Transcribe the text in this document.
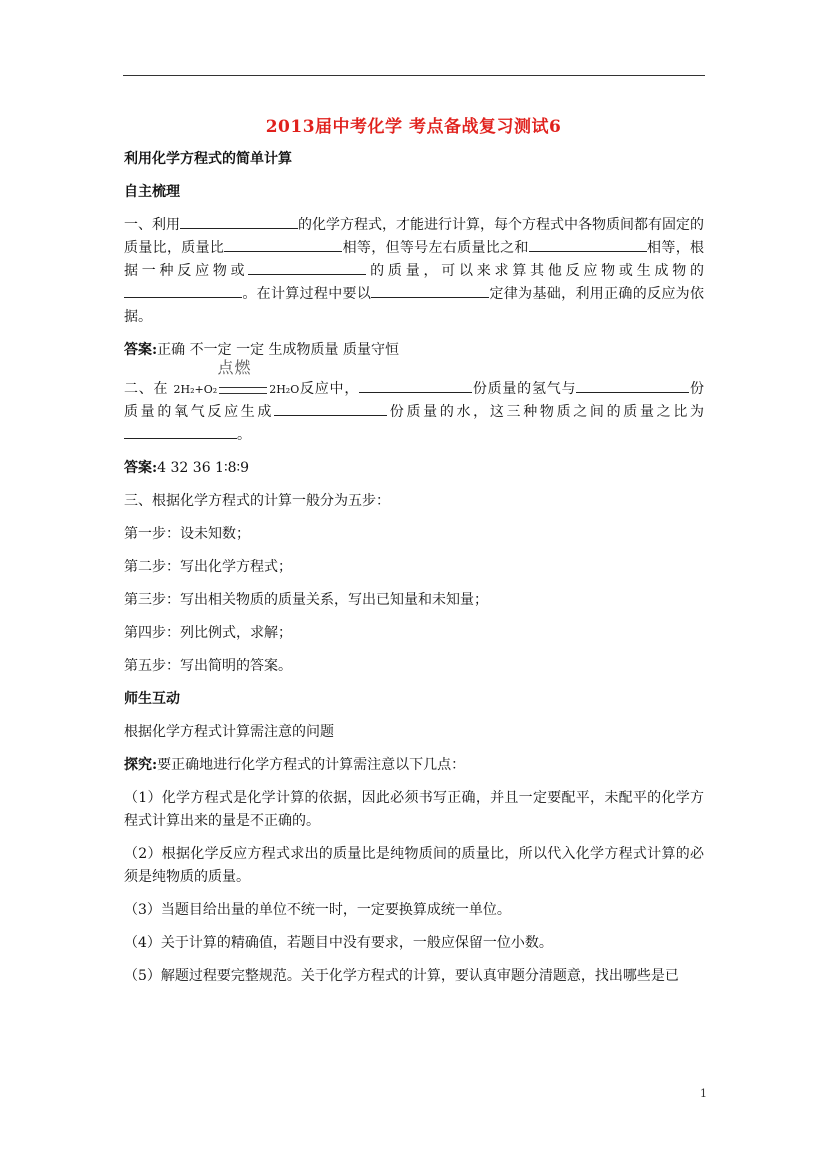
2013届中考化学 考点备战复习测试6
利用化学方程式的简单计算
自主梳理

一、利用	的化学方程式，才能进行计算，每个方程式中各物质间都有固定的质量比，质量比	相等，但等号左右质量比之和	相等，根据一种反应物或	的质量，可以来求算其他反应物或生成物的。在计算过程中要以	定律为基础，利用正确的反应为依据。

答案:正确 不一定 一定 生成物质量 质量守恒

二、在 2H₂+O₂
点燃
2H₂O反应中，	份质量的氢气与	份质量的氧气反应生成	份质量的水，这三种物质之间的质量之比为。

答案:4 32 36 1∶8∶9

三、根据化学方程式的计算一般分为五步：

第一步：设未知数；

第二步：写出化学方程式；

第三步：写出相关物质的质量关系，写出已知量和未知量；

第四步：列比例式，求解；

第五步：写出简明的答案。

师生互动

根据化学方程式计算需注意的问题

探究:要正确地进行化学方程式的计算需注意以下几点：

（1）化学方程式是化学计算的依据，因此必须书写正确，并且一定要配平，未配平的化学方程式计算出来的量是不正确的。

（2）根据化学反应方程式求出的质量比是纯物质间的质量比，所以代入化学方程式计算的必须是纯物质的质量。

（3）当题目给出量的单位不统一时，一定要换算成统一单位。

（4）关于计算的精确值，若题目中没有要求，一般应保留一位小数。

（5）解题过程要完整规范。关于化学方程式的计算，要认真审题分清题意，找出哪些是已

1
